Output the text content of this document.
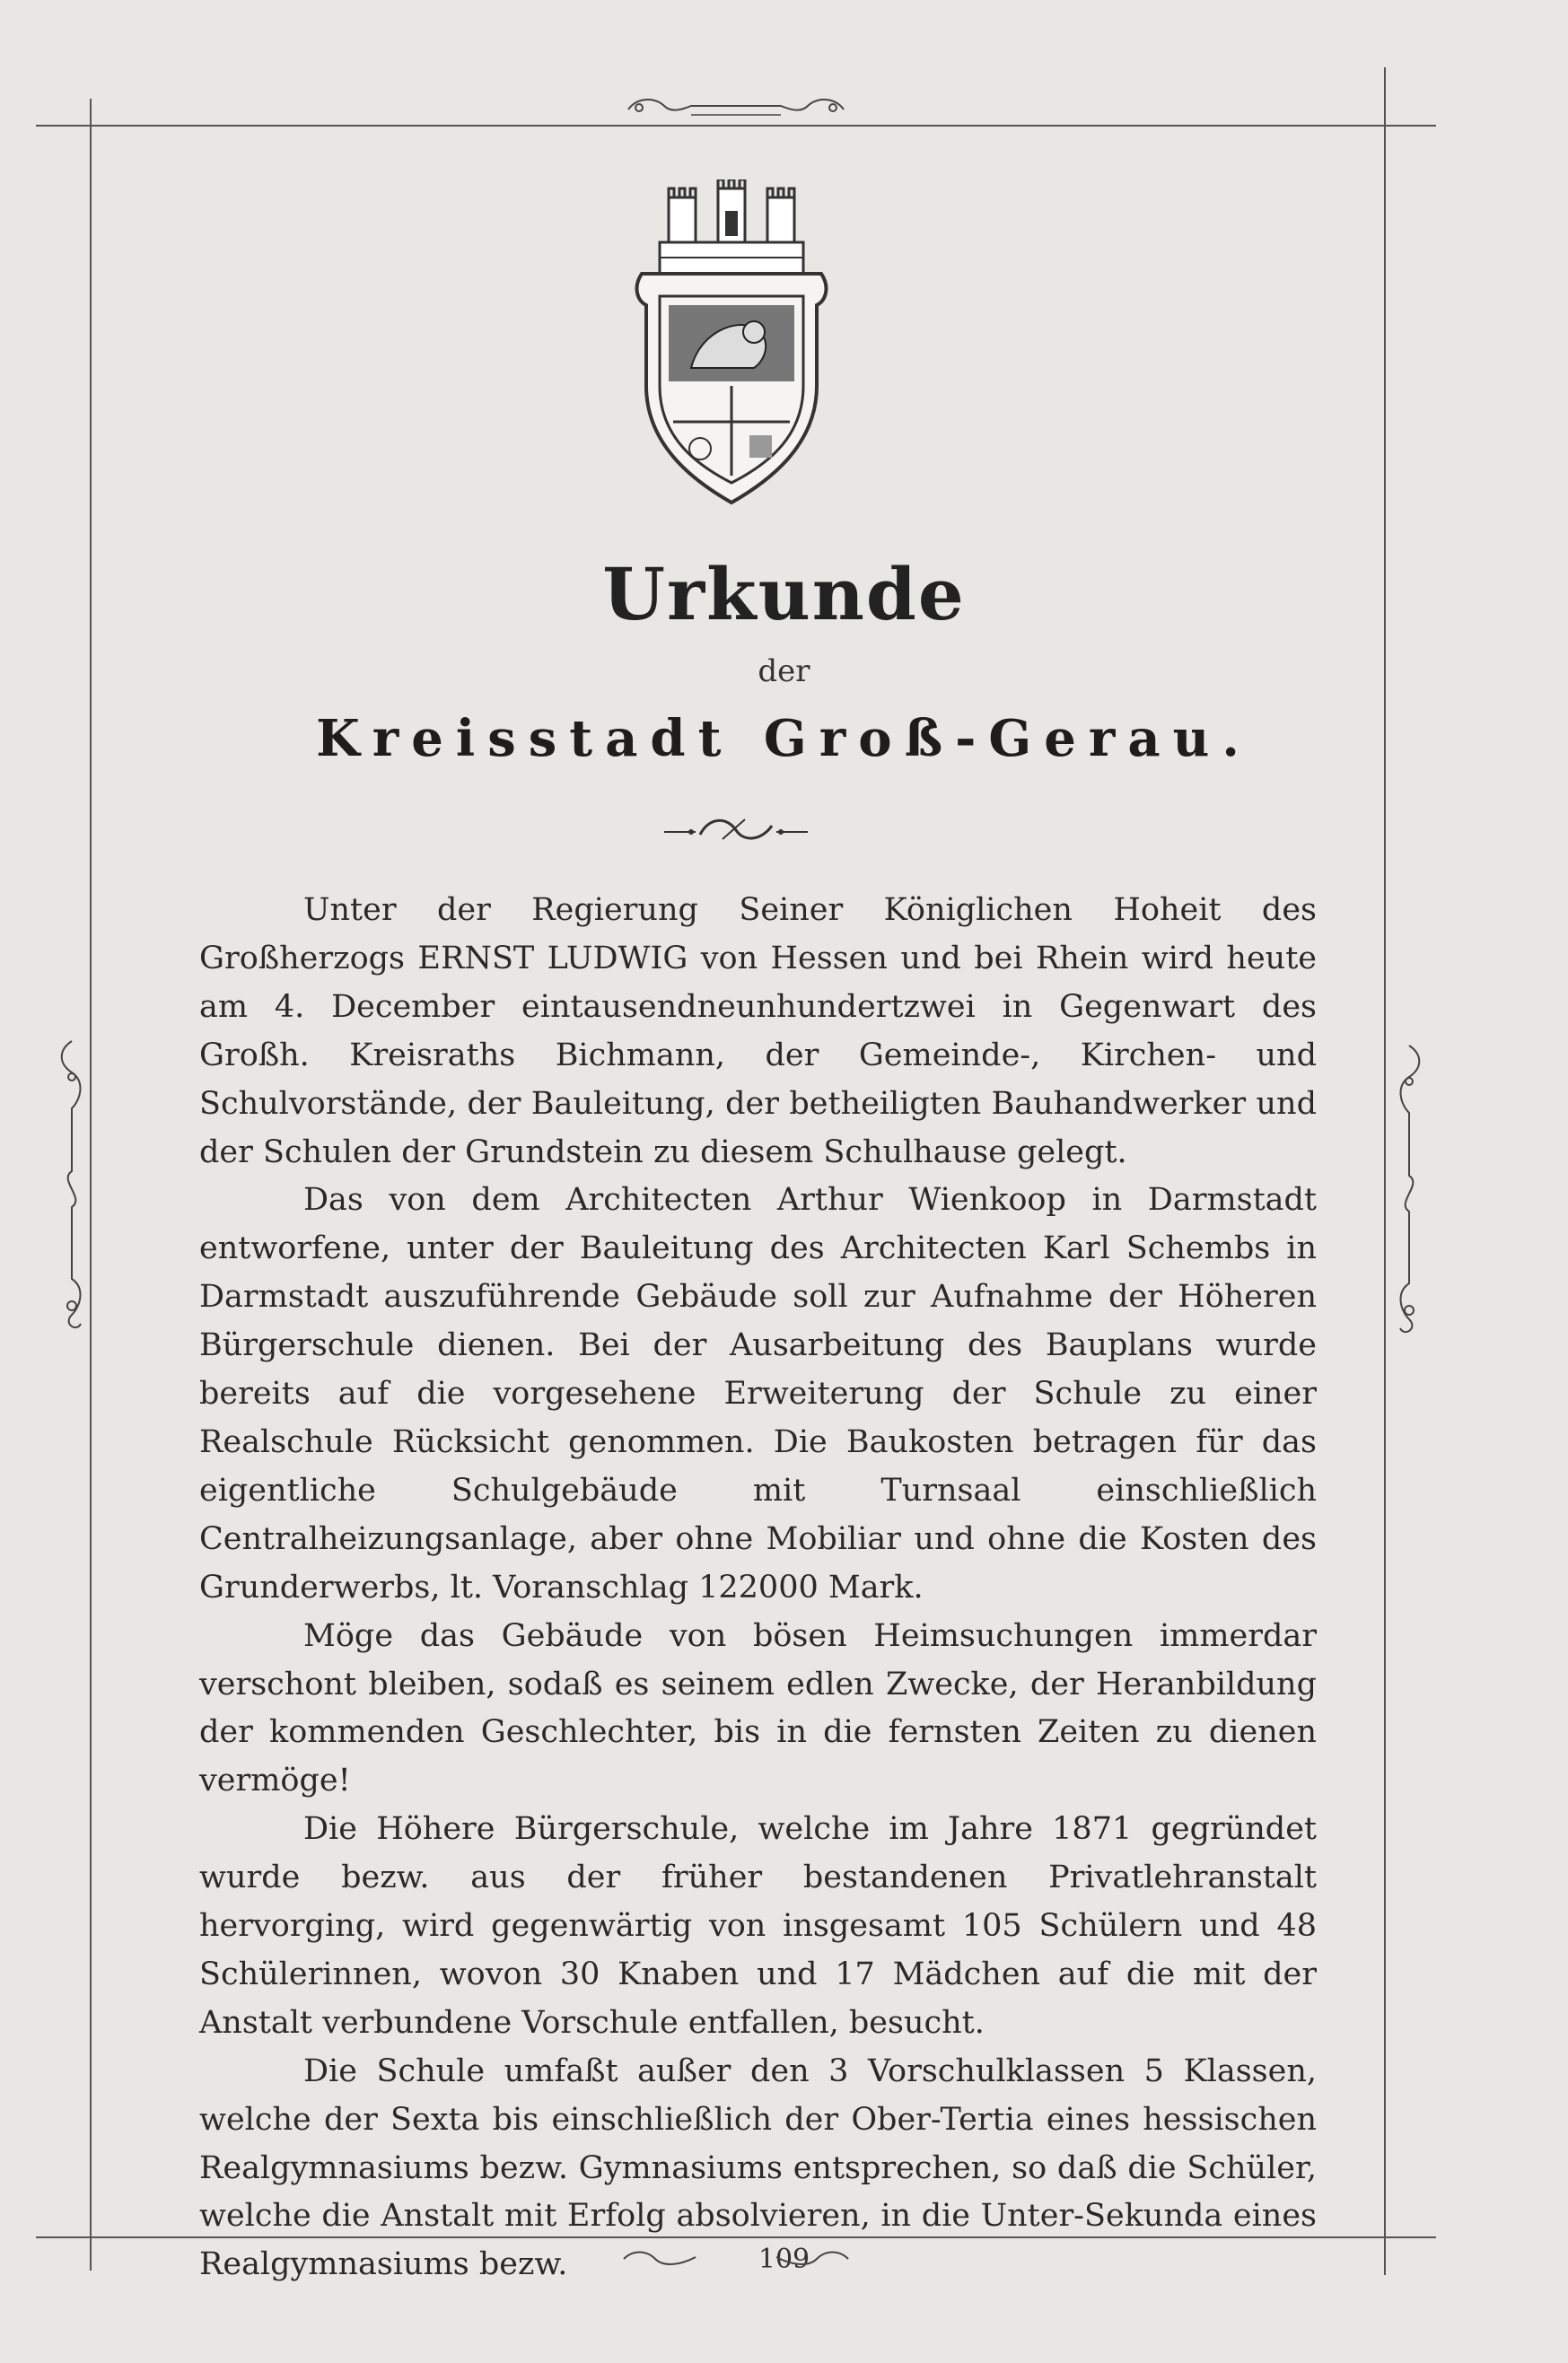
Urkunde
der
Kreisstadt Groß-Gerau.

Unter der Regierung Seiner Königlichen Hoheit des Großherzogs ERNST LUDWIG von Hessen und bei Rhein wird heute am 4. December eintausendneunhundertzwei in Gegenwart des Großh. Kreisraths Bichmann, der Gemeinde-, Kirchen- und Schulvorstände, der Bauleitung, der betheiligten Bauhandwerker und der Schulen der Grundstein zu diesem Schulhause gelegt.

Das von dem Architecten Arthur Wienkoop in Darmstadt entworfene, unter der Bauleitung des Architecten Karl Schembs in Darmstadt auszuführende Gebäude soll zur Aufnahme der Höheren Bürgerschule dienen. Bei der Ausarbeitung des Bauplans wurde bereits auf die vorgesehene Erweiterung der Schule zu einer Realschule Rücksicht genommen. Die Baukosten betragen für das eigentliche Schulgebäude mit Turnsaal einschließlich Centralheizungsanlage, aber ohne Mobiliar und ohne die Kosten des Grunderwerbs, lt. Voranschlag 122000 Mark.

Möge das Gebäude von bösen Heimsuchungen immerdar verschont bleiben, sodaß es seinem edlen Zwecke, der Heranbildung der kommenden Geschlechter, bis in die fernsten Zeiten zu dienen vermöge!

Die Höhere Bürgerschule, welche im Jahre 1871 gegründet wurde bezw. aus der früher bestandenen Privatlehranstalt hervorging, wird gegenwärtig von insgesamt 105 Schülern und 48 Schülerinnen, wovon 30 Knaben und 17 Mädchen auf die mit der Anstalt verbundene Vorschule entfallen, besucht.

Die Schule umfaßt außer den 3 Vorschulklassen 5 Klassen, welche der Sexta bis einschließlich der Ober-Tertia eines hessischen Realgymnasiums bezw. Gymnasiums entsprechen, so daß die Schüler, welche die Anstalt mit Erfolg absolvieren, in die Unter-Sekunda eines Realgymnasiums bezw.	109
